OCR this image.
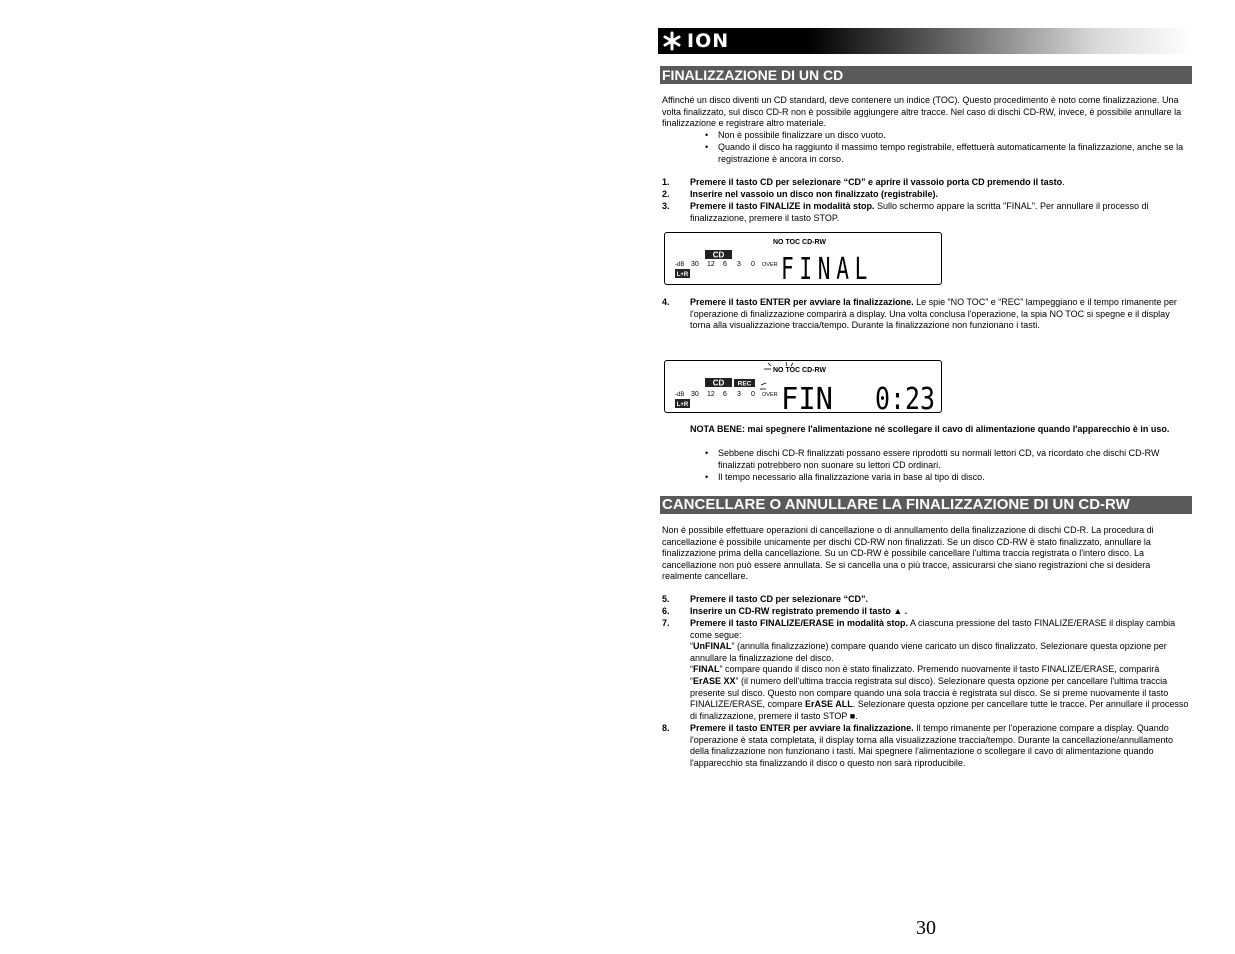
ION
FINALIZZAZIONE DI UN CD

Affinché un disco diventi un CD standard, deve contenere un indice (TOC). Questo procedimento è noto come finalizzazione. Una volta finalizzato, sul disco CD-R non è possibile aggiungere altre tracce. Nel caso di dischi CD-RW, invece, è possibile annullare la finalizzazione e registrare altro materiale.

• Non è possibile finalizzare un disco vuoto.

• Quando il disco ha raggiunto il massimo tempo registrabile, effettuerà automaticamente la finalizzazione, anche se la registrazione è ancora in corso.

1. Premere il tasto CD per selezionare “CD” e aprire il vassoio porta CD premendo il tasto.
2. Inserire nel vassoio un disco non finalizzato (registrabile).
3. Premere il tasto FINALIZE in modalità stop. Sullo schermo appare la scritta "FINAL". Per annullare il processo di finalizzazione, premere il tasto STOP.
NO TOC CD-RW
CD
-dB 30 12 6 3 0 OVER
L+R	FINAL
4. Premere il tasto ENTER per avviare la finalizzazione. Le spie “NO TOC” e “REC” lampeggiano e il tempo rimanente per l'operazione di finalizzazione comparirà a display. Una volta conclusa l'operazione, la spia NO TOC si spegne e il display torna alla visualizzazione traccia/tempo. Durante la finalizzazione non funzionano i tasti.
NO TOC CD-RW
CD REC
-dB 30 12 6 3 0 OVER
L+R	FIN 0:23

NOTA BENE: mai spegnere l'alimentazione né scollegare il cavo di alimentazione quando l'apparecchio è in uso.

• Sebbene dischi CD-R finalizzati possano essere riprodotti su normali lettori CD, va ricordato che dischi CD-RW finalizzati potrebbero non suonare su lettori CD ordinari.

• Il tempo necessario alla finalizzazione varia in base al tipo di disco.

CANCELLARE O ANNULLARE LA FINALIZZAZIONE DI UN CD-RW

Non è possibile effettuare operazioni di cancellazione o di annullamento della finalizzazione di dischi CD-R. La procedura di cancellazione è possibile unicamente per dischi CD-RW non finalizzati. Se un disco CD-RW è stato finalizzato, annullare la finalizzazione prima della cancellazione. Su un CD-RW è possibile cancellare l'ultima traccia registrata o l'intero disco. La cancellazione non può essere annullata. Se si cancella una o più tracce, assicurarsi che siano registrazioni che si desidera realmente cancellare.

5. Premere il tasto CD per selezionare “CD”.
6. Inserire un CD-RW registrato premendo il tasto ▲ .
7. Premere il tasto FINALIZE/ERASE in modalità stop. A ciascuna pressione del tasto FINALIZE/ERASE il display cambia come segue:
“UnFINAL” (annulla finalizzazione) compare quando viene caricato un disco finalizzato. Selezionare questa opzione per annullare la finalizzazione del disco.
“FINAL” compare quando il disco non è stato finalizzato. Premendo nuovamente il tasto FINALIZE/ERASE, comparirà “ErASE XX” (il numero dell'ultima traccia registrata sul disco). Selezionare questa opzione per cancellare l'ultima traccia presente sul disco. Questo non compare quando una sola traccia è registrata sul disco. Se si preme nuovamente il tasto FINALIZE/ERASE, compare ErASE ALL. Selezionare questa opzione per cancellare tutte le tracce. Per annullare il processo di finalizzazione, premere il tasto STOP ■.
8. Premere il tasto ENTER per avviare la finalizzazione. Il tempo rimanente per l'operazione compare a display. Quando l'operazione è stata completata, il display torna alla visualizzazione traccia/tempo. Durante la cancellazione/annullamento della finalizzazione non funzionano i tasti. Mai spegnere l'alimentazione o scollegare il cavo di alimentazione quando l'apparecchio sta finalizzando il disco o questo non sarà riproducibile.
30
